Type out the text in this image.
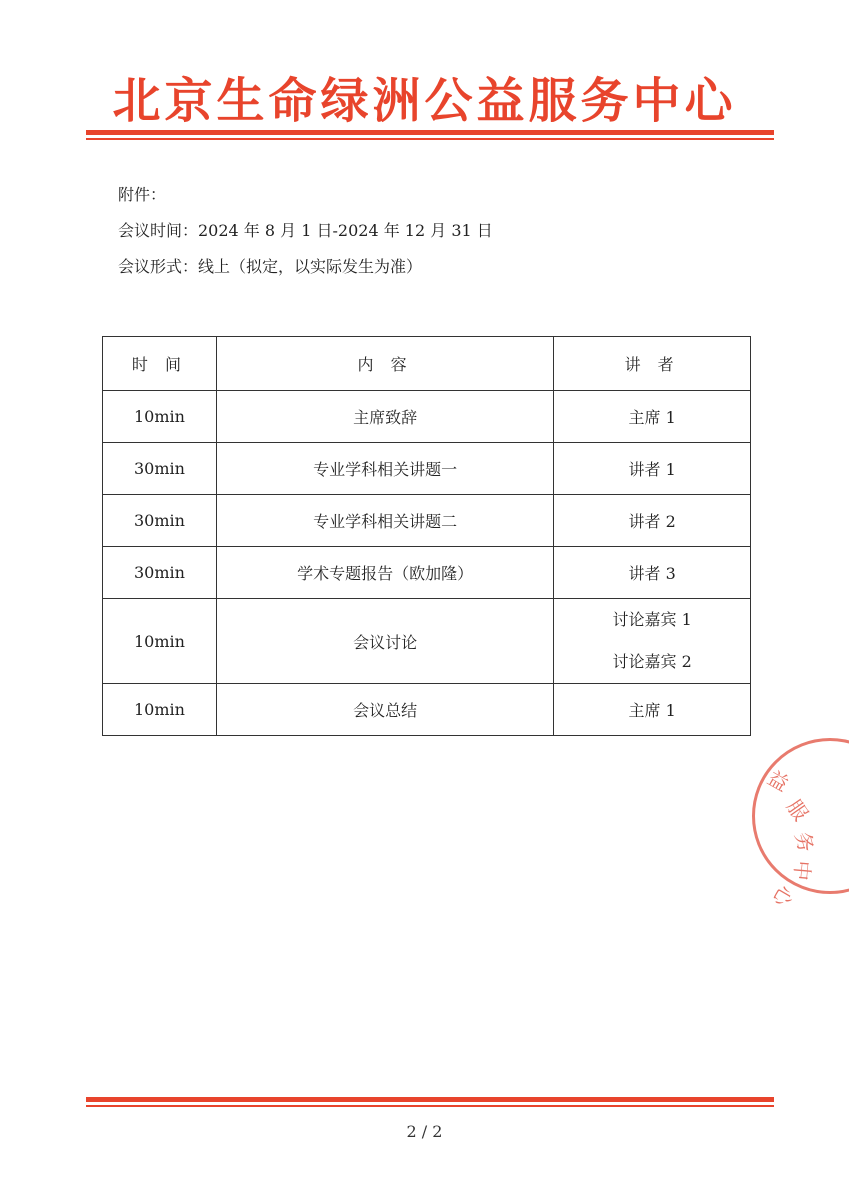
北京生命绿洲公益服务中心
附件：
会议时间：2024 年 8 月 1 日-2024 年 12 月 31 日
会议形式：线上（拟定，以实际发生为准）
时 间	内 容	讲 者
10min	主席致辞	主席 1
30min	专业学科相关讲题一	讲者 1
30min	专业学科相关讲题二	讲者 2
30min	学术专题报告（欧加隆）	讲者 3
10min	会议讨论	讨论嘉宾 1
讨论嘉宾 2

10min	会议总结	主席 1
益
服
务
中
心
2 / 2
